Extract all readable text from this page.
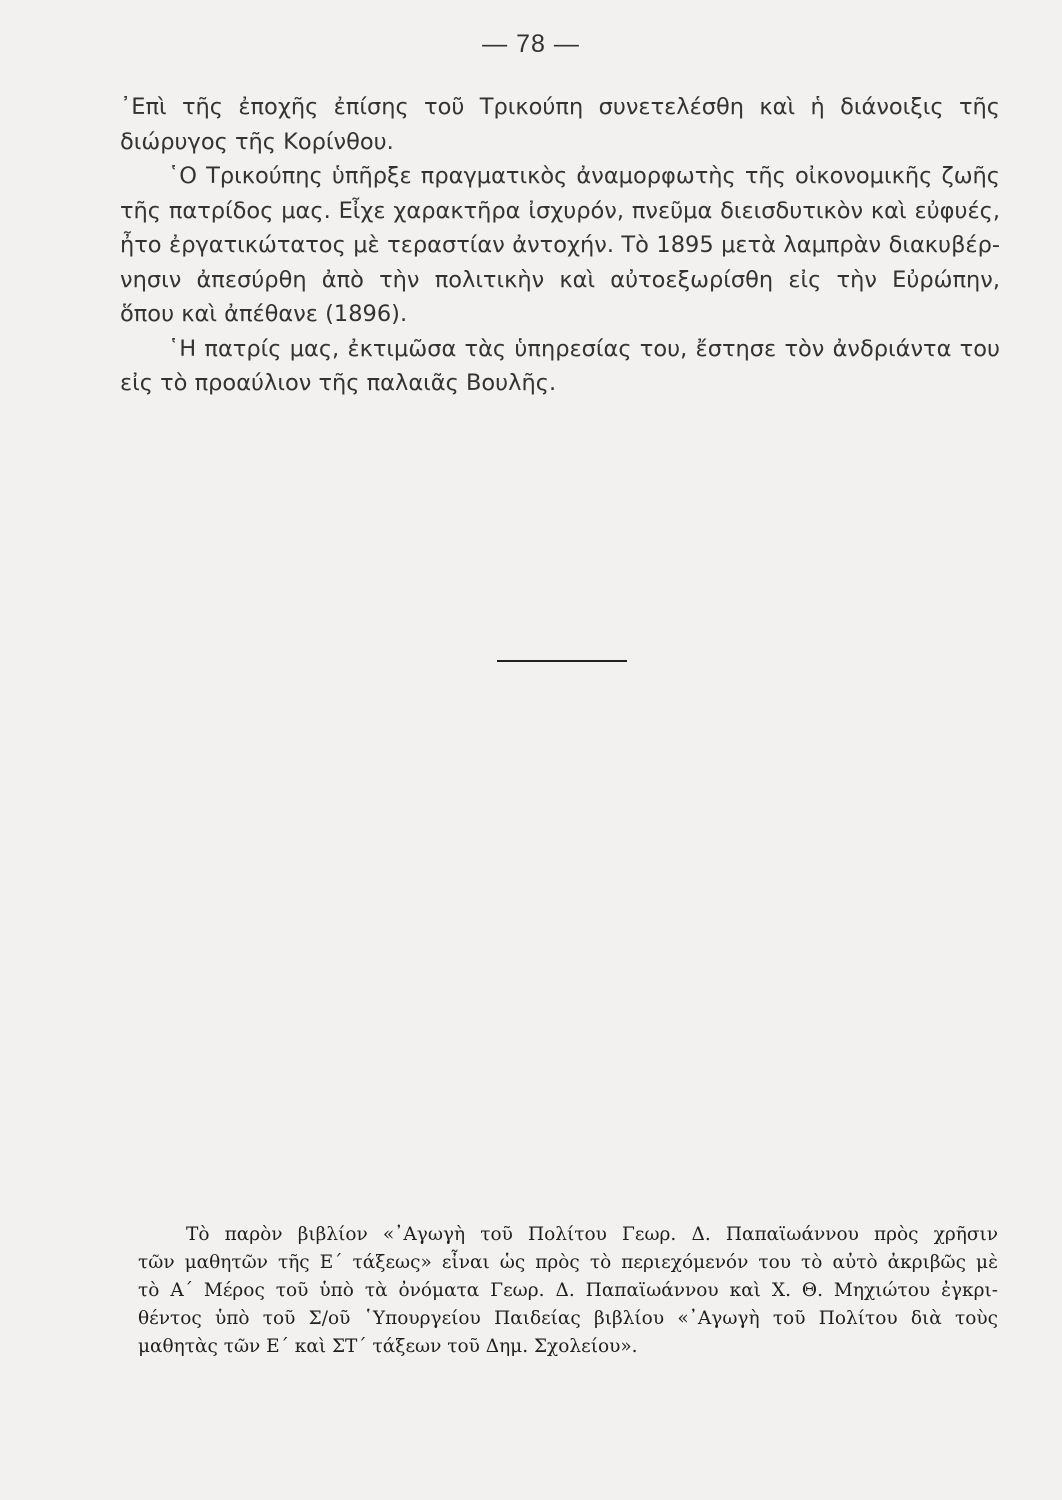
— 78 —
᾿Επὶ τῆς ἐποχῆς ἐπίσης τοῦ Τρικούπη συνετελέσθη καὶ ἡ διάνοιξις τῆς
διώρυγος τῆς Κορίνθου.
῾Ο Τρικούπης ὑπῆρξε πραγματικὸς ἀναμορφωτὴς τῆς οἰκονομικῆς ζωῆς
τῆς πατρίδος μας. Εἶχε χαρακτῆρα ἰσχυρόν, πνεῦμα διεισδυτικὸν καὶ εὐφυές,
ἦτο ἐργατικώτατος μὲ τεραστίαν ἀντοχήν. Τὸ 1895 μετὰ λαμπρὰν διακυβέρ-
νησιν ἀπεσύρθη ἀπὸ τὴν πολιτικὴν καὶ αὐτοεξωρίσθη εἰς τὴν Εὐρώπην,
ὅπου καὶ ἀπέθανε (1896).
῾Η πατρίς μας, ἐκτιμῶσα τὰς ὑπηρεσίας του, ἔστησε τὸν ἀνδριάντα του
εἰς τὸ προαύλιον τῆς παλαιᾶς Βουλῆς.
Τὸ παρὸν βιβλίον «᾿Αγωγὴ τοῦ Πολίτου Γεωρ. Δ. Παπαϊωάννου πρὸς χρῆσιν
τῶν μαθητῶν τῆς Ε΄ τάξεως» εἶναι ὡς πρὸς τὸ περιεχόμενόν του τὸ αὐτὸ ἀκριβῶς μὲ
τὸ Α΄ Μέρος τοῦ ὑπὸ τὰ ὀνόματα Γεωρ. Δ. Παπαϊωάννου καὶ Χ. Θ. Μηχιώτου ἐγκρι-
θέντος ὑπὸ τοῦ Σ/οῦ ῾Υπουργείου Παιδείας βιβλίου «᾿Αγωγὴ τοῦ Πολίτου διὰ τοὺς
μαθητὰς τῶν Ε΄ καὶ ΣΤ΄ τάξεων τοῦ Δημ. Σχολείου».
